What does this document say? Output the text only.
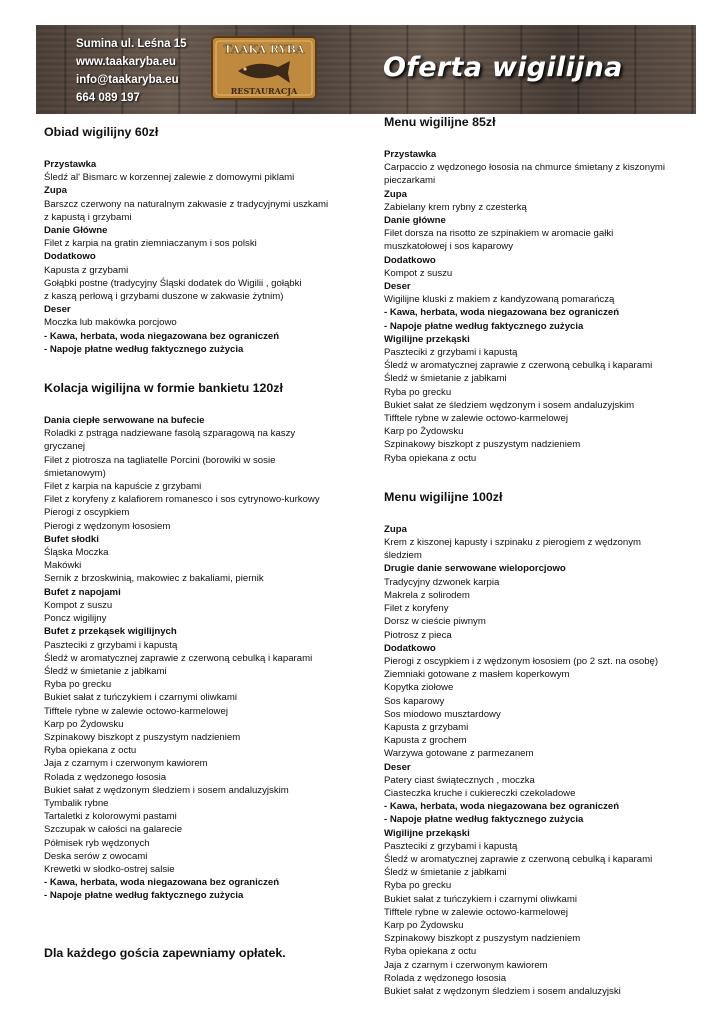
Sumina ul. Leśna 15
www.taakaryba.eu
info@taakaryba.eu
664 089 197
TAAKA RYBA
RESTAURACJA
Oferta wigilijna
Obiad wigilijny 60zł
Przystawka
Śledź al' Bismarc w korzennej zalewie z domowymi piklami
Zupa
Barszcz czerwony na naturalnym zakwasie z tradycyjnymi uszkami
z kapustą i grzybami
Danie Główne
Filet z karpia na gratin ziemniaczanym i sos polski
Dodatkowo
Kapusta z grzybami
Gołąbki postne (tradycyjny Śląski dodatek do Wigilii , gołąbki
z kaszą perłową i grzybami duszone w zakwasie żytnim)
Deser
Moczka lub makówka porcjowo
- Kawa, herbata, woda niegazowana bez ograniczeń
- Napoje płatne według faktycznego zużycia
Kolacja wigilijna w formie bankietu 120zł
Dania ciepłe serwowane na bufecie
Roladki z pstrąga nadziewane fasolą szparagową na kaszy
gryczanej
Filet z piotrosza na tagliatelle Porcini (borowiki w sosie
śmietanowym)
Filet z karpia na kapuście z grzybami
Filet z koryfeny z kalafiorem romanesco i sos cytrynowo-kurkowy
Pierogi z oscypkiem
Pierogi z wędzonym łososiem
Bufet słodki
Śląska Moczka
Makówki
Sernik z brzoskwinią, makowiec z bakaliami, piernik
Bufet z napojami
Kompot z suszu
Poncz wigilijny
Bufet z przekąsek wigilijnych
Paszteciki z grzybami i kapustą
Śledź w aromatycznej zaprawie z czerwoną cebulką i kaparami
Śledź w śmietanie z jabłkami
Ryba po grecku
Bukiet sałat z tuńczykiem i czarnymi oliwkami
Tifftele rybne w zalewie octowo-karmelowej
Karp po Żydowsku
Szpinakowy biszkopt z puszystym nadzieniem
Ryba opiekana z octu
Jaja z czarnym i czerwonym kawiorem
Rolada z wędzonego łososia
Bukiet sałat z wędzonym śledziem i sosem andaluzyjskim
Tymbalik rybne
Tartaletki z kolorowymi pastami
Szczupak w całości na galarecie
Półmisek ryb wędzonych
Deska serów z owocami
Krewetki w słodko-ostrej salsie
- Kawa, herbata, woda niegazowana bez ograniczeń
- Napoje płatne według faktycznego zużycia
Menu wigilijne 85zł
Przystawka
Carpaccio z wędzonego łososia na chmurce śmietany z kiszonymi
pieczarkami
Zupa
Zabielany krem rybny z czesterką
Danie główne
Filet dorsza na risotto ze szpinakiem w aromacie gałki
muszkatołowej i sos kaparowy
Dodatkowo
Kompot z suszu
Deser
Wigilijne kluski z makiem z kandyzowaną pomarańczą
- Kawa, herbata, woda niegazowana bez ograniczeń
- Napoje płatne według faktycznego zużycia
Wigilijne przekąski
Paszteciki z grzybami i kapustą
Śledź w aromatycznej zaprawie z czerwoną cebulką i kaparami
Śledź w śmietanie z jabłkami
Ryba po grecku
Bukiet sałat ze śledziem wędzonym i sosem andaluzyjskim
Tifftele rybne w zalewie octowo-karmelowej
Karp po Żydowsku
Szpinakowy biszkopt z puszystym nadzieniem
Ryba opiekana z octu
Menu wigilijne 100zł
Zupa
Krem z kiszonej kapusty i szpinaku z pierogiem z wędzonym
śledziem
Drugie danie serwowane wieloporcjowo
Tradycyjny dzwonek karpia
Makrela z solirodem
Filet z koryfeny
Dorsz w cieście piwnym
Piotrosz z pieca
Dodatkowo
Pierogi z oscypkiem i z wędzonym łososiem (po 2 szt. na osobę)
Ziemniaki gotowane z masłem koperkowym
Kopytka ziołowe
Sos kaparowy
Sos miodowo musztardowy
Kapusta z grzybami
Kapusta z grochem
Warzywa gotowane z parmezanem
Deser
Patery ciast świątecznych , moczka
Ciasteczka kruche i cukiereczki czekoladowe
- Kawa, herbata, woda niegazowana bez ograniczeń
- Napoje płatne według faktycznego zużycia
Wigilijne przekąski
Paszteciki z grzybami i kapustą
Śledź w aromatycznej zaprawie z czerwoną cebulką i kaparami
Śledź w śmietanie z jabłkami
Ryba po grecku
Bukiet sałat z tuńczykiem i czarnymi oliwkami
Tifftele rybne w zalewie octowo-karmelowej
Karp po Żydowsku
Szpinakowy biszkopt z puszystym nadzieniem
Ryba opiekana z octu
Jaja z czarnym i czerwonym kawiorem
Rolada z wędzonego łososia
Bukiet sałat z wędzonym śledziem i sosem andaluzyjski
Dla każdego gościa zapewniamy opłatek.
